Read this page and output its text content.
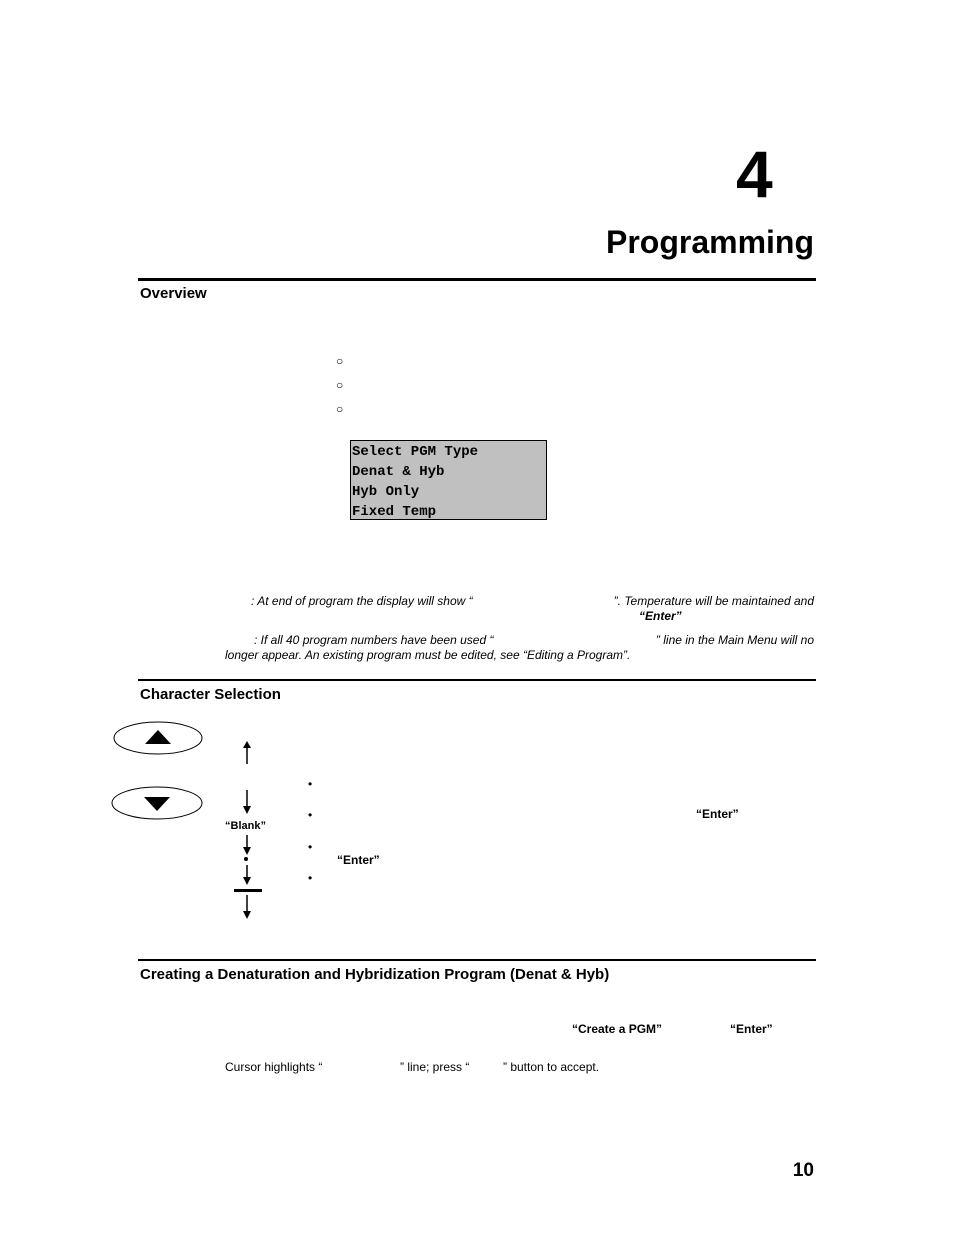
4
Programming
Overview
○
○
○
Select PGM Type
Denat & Hyb
Hyb Only
Fixed Temp
: At end of program the display will show “	”. Temperature will be maintained and
“Enter”
: If all 40 program numbers have been used “	” line in the Main Menu will no
longer appear. An existing program must be edited, see “Editing a Program”.
Character Selection
“Blank”
•
•	“Enter”
•
“Enter”
•
Creating a Denaturation and Hybridization Program (Denat & Hyb)
“Create a PGM”	“Enter”
Cursor highlights “	” line; press “	” button to accept.
10
